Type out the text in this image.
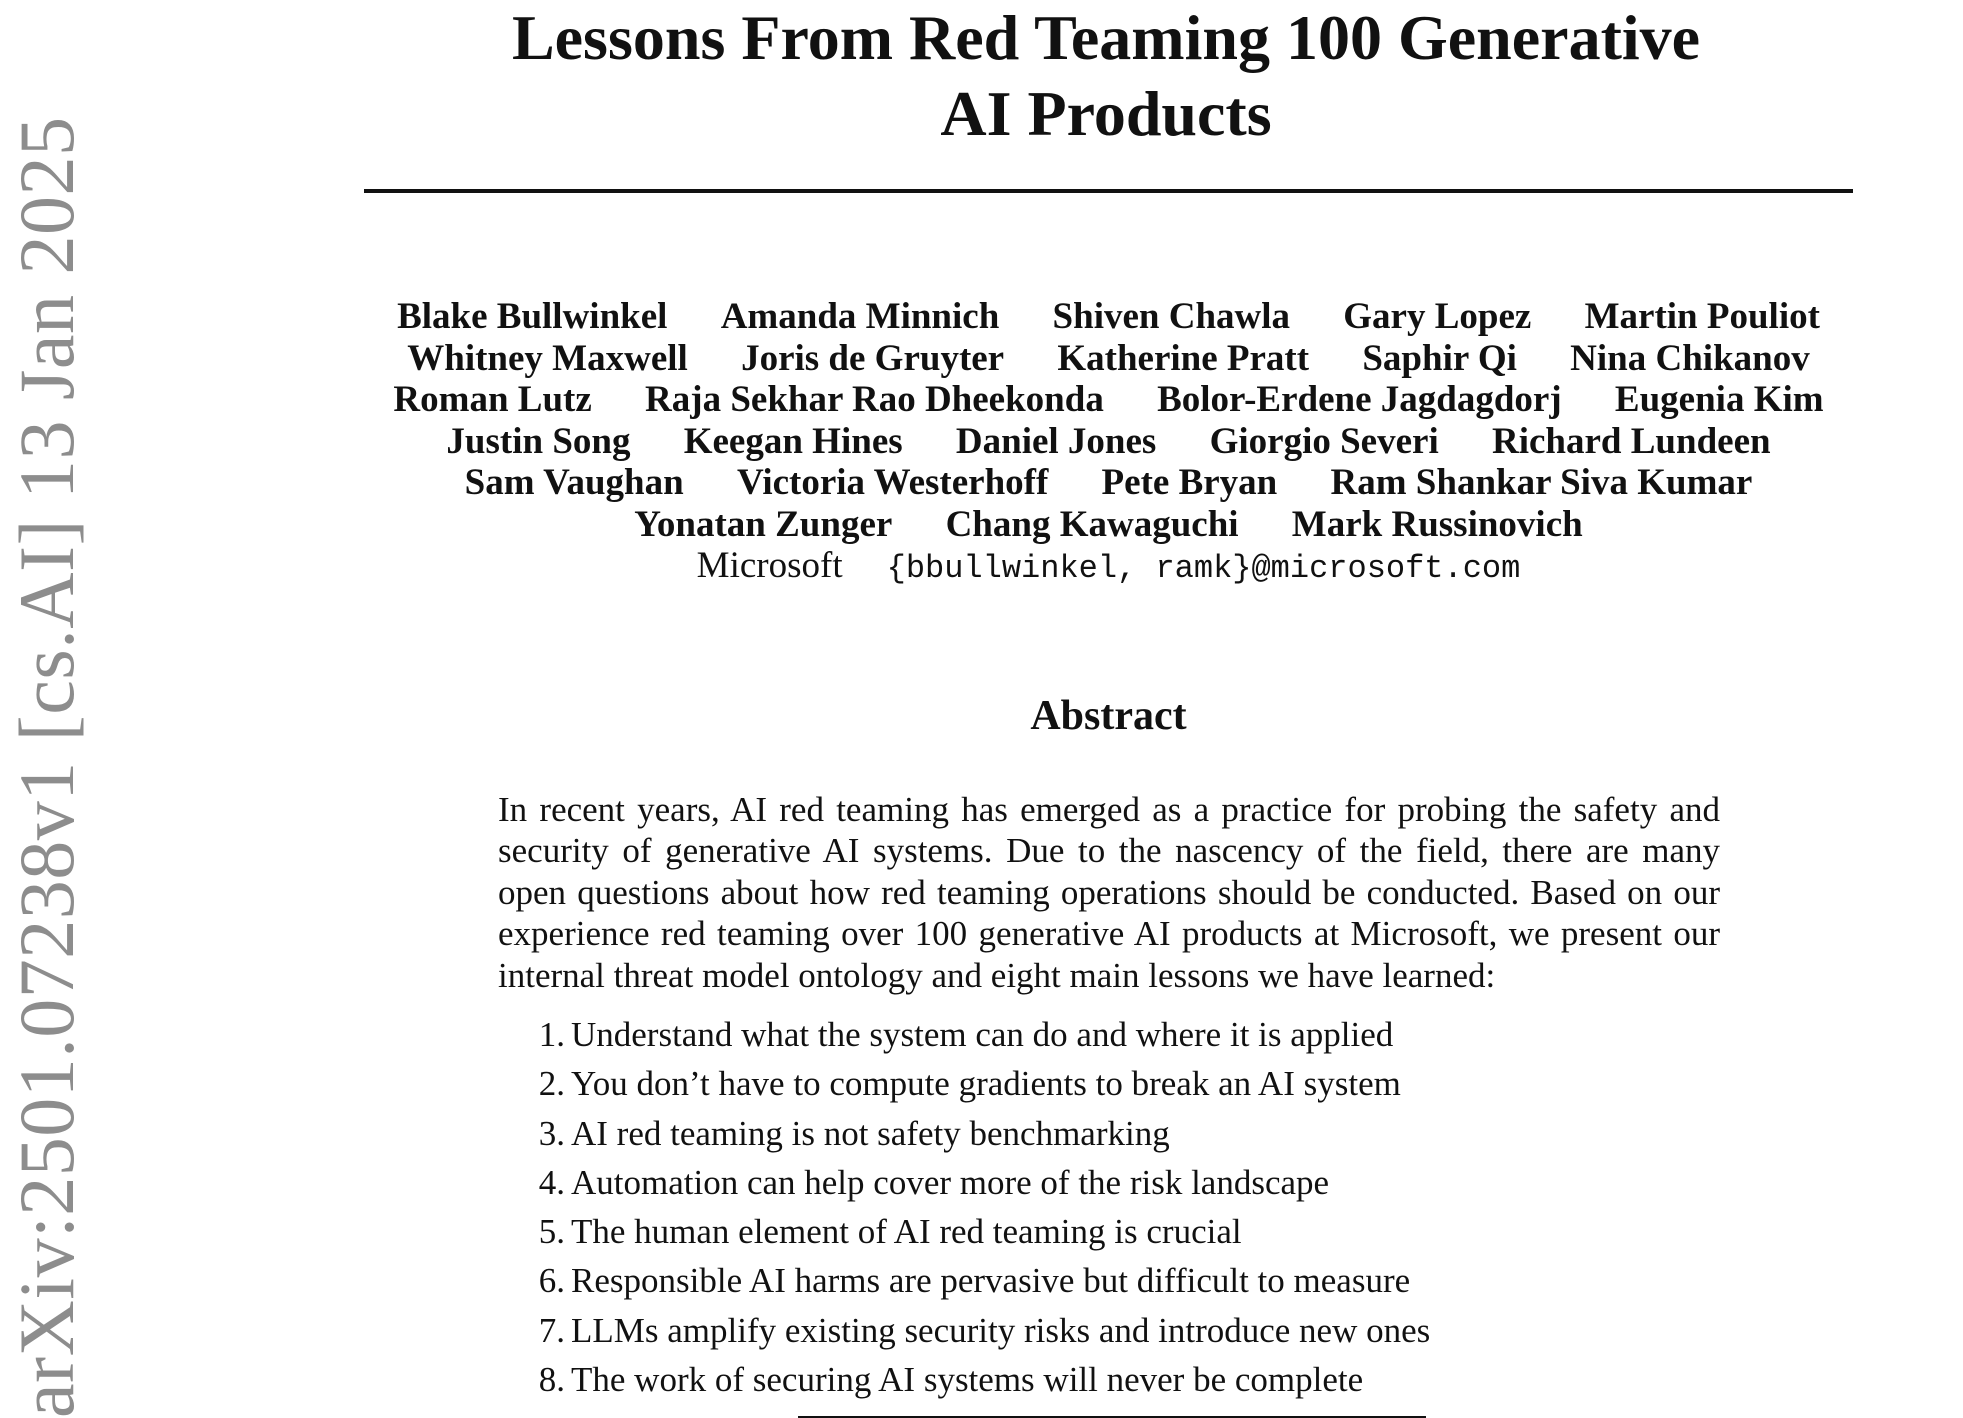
arXiv:2501.07238v1 [cs.AI] 13 Jan 2025
Lessons From Red Teaming 100 Generative
AI Products
Blake Bullwinkel Amanda Minnich Shiven Chawla Gary Lopez Martin Pouliot
Whitney Maxwell Joris de Gruyter Katherine Pratt Saphir Qi Nina Chikanov
Roman Lutz Raja Sekhar Rao Dheekonda Bolor-Erdene Jagdagdorj Eugenia Kim
Justin Song Keegan Hines Daniel Jones Giorgio Severi Richard Lundeen
Sam Vaughan Victoria Westerhoff Pete Bryan Ram Shankar Siva Kumar
Yonatan Zunger Chang Kawaguchi Mark Russinovich
Microsoft {bbullwinkel, ramk}@microsoft.com
Abstract
In recent years, AI red teaming has emerged as a practice for probing the safety and security of generative AI systems. Due to the nascency of the field, there are many open questions about how red teaming operations should be conducted. Based on our experience red teaming over 100 generative AI products at Microsoft, we present our internal threat model ontology and eight main lessons we have learned:
1. Understand what the system can do and where it is applied
2. You don’t have to compute gradients to break an AI system
3. AI red teaming is not safety benchmarking
4. Automation can help cover more of the risk landscape
5. The human element of AI red teaming is crucial
6. Responsible AI harms are pervasive but difficult to measure
7. LLMs amplify existing security risks and introduce new ones
8. The work of securing AI systems will never be complete
